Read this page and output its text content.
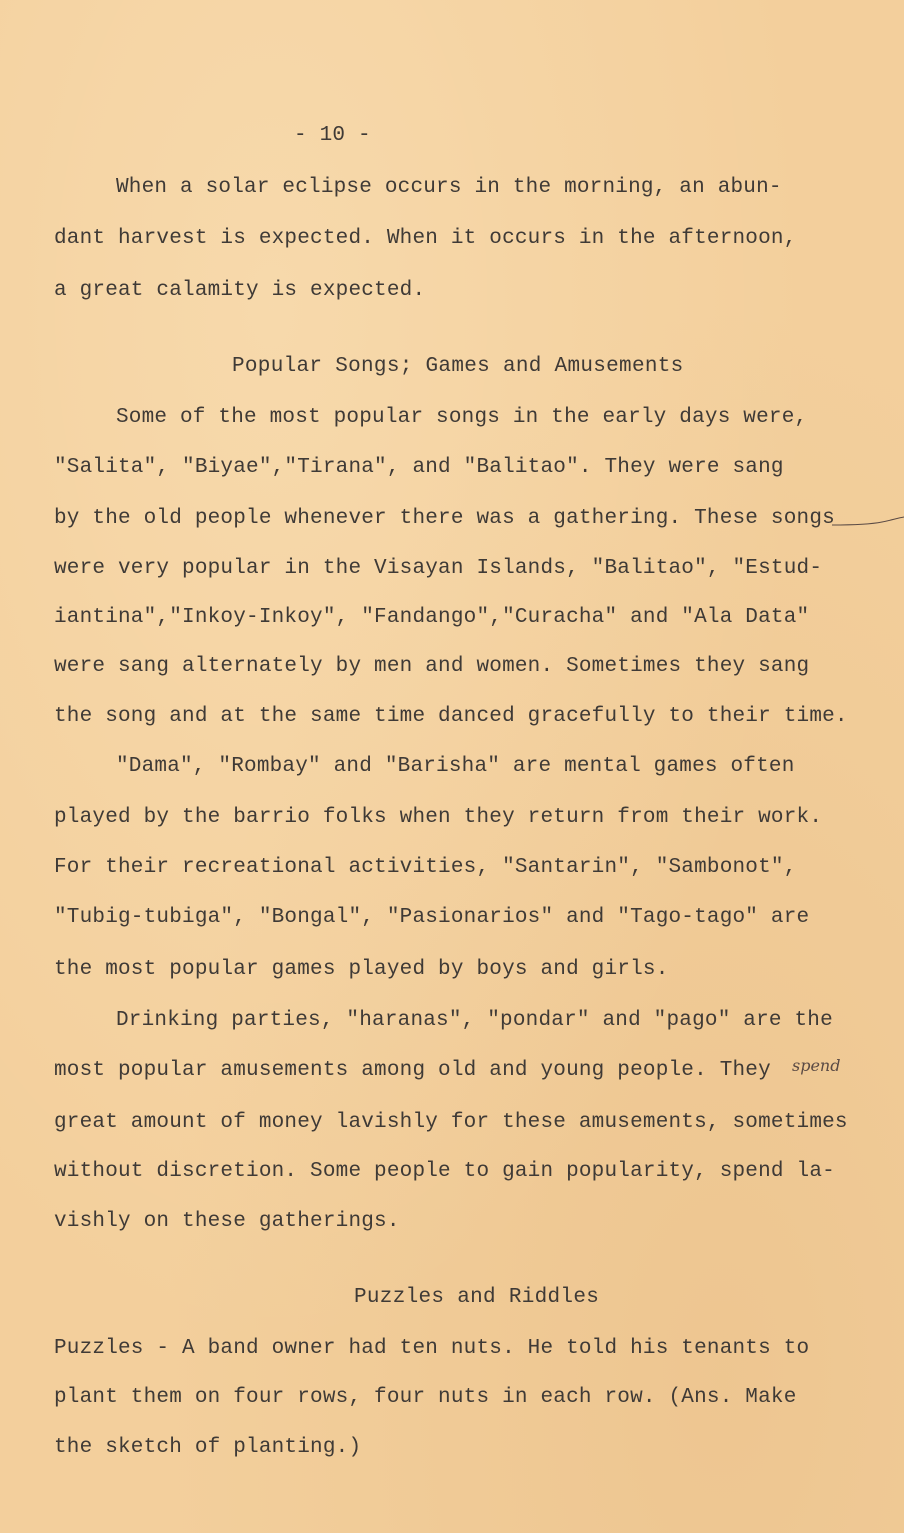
- 10 -
When a solar eclipse occurs in the morning, an abun-
dant harvest is expected. When it occurs in the afternoon,
a great calamity is expected.
Popular Songs; Games and Amusements
Some of the most popular songs in the early days were,
"Salita", "Biyae","Tirana", and "Balitao". They were sang
by the old people whenever there was a gathering. These songs
were very popular in the Visayan Islands, "Balitao", "Estud-
iantina","Inkoy-Inkoy", "Fandango","Curacha" and "Ala Data"
were sang alternately by men and women. Sometimes they sang
the song and at the same time danced gracefully to their time.
"Dama", "Rombay" and "Barisha" are mental games often
played by the barrio folks when they return from their work.
For their recreational activities, "Santarin", "Sambonot",
"Tubig-tubiga", "Bongal", "Pasionarios" and "Tago-tago" are
the most popular games played by boys and girls.
Drinking parties, "haranas", "pondar" and "pago" are the
most popular amusements among old and young people. They spend
great amount of money lavishly for these amusements, sometimes
without discretion. Some people to gain popularity, spend la-
vishly on these gatherings.
Puzzles and Riddles
Puzzles - A band owner had ten nuts. He told his tenants to
plant them on four rows, four nuts in each row. (Ans. Make
the sketch of planting.)
